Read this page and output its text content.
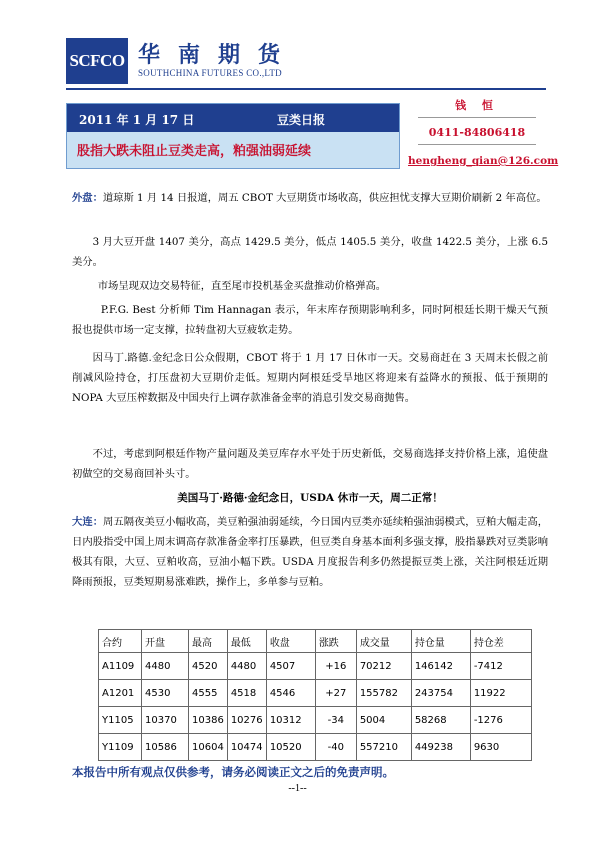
SCFCO 华南期货
SOUTHCHINA FUTURES CO.,LTD
2011 年 1 月 17 日	豆类日报
股指大跌未阻止豆类走高，粕强油弱延续
钱 恒
0411-84806418
hengheng_qian@126.com
外盘：道琼斯 1 月 14 日报道，周五 CBOT 大豆期货市场收高，供应担忧支撑大豆期价刷新 2 年高位。
3 月大豆开盘 1407 美分，高点 1429.5 美分，低点 1405.5 美分，收盘 1422.5 美分，上涨 6.5 美分。
市场呈现双边交易特征，直至尾市投机基金买盘推动价格弹高。
P.F.G. Best 分析师 Tim Hannagan 表示，年末库存预期影响利多，同时阿根廷长期干燥天气预报也提供市场一定支撑，拉转盘初大豆疲软走势。
因马丁.路德.金纪念日公众假期，CBOT 将于 1 月 17 日休市一天。交易商赶在 3 天周末长假之前削减风险持仓，打压盘初大豆期价走低。短期内阿根廷受旱地区将迎来有益降水的预报、低于预期的 NOPA 大豆压榨数据及中国央行上调存款准备金率的消息引发交易商抛售。
不过，考虑到阿根廷作物产量问题及美豆库存水平处于历史新低，交易商选择支持价格上涨，追使盘初做空的交易商回补头寸。
美国马丁·路德·金纪念日，USDA 休市一天，周二正常！
大连：周五隔夜美豆小幅收高，美豆粕强油弱延续，今日国内豆类亦延续粕强油弱模式，豆粕大幅走高，日内股指受中国上周末调高存款准备金率打压暴跌，但豆类自身基本面利多强支撑，股指暴跌对豆类影响极其有限，大豆、豆粕收高，豆油小幅下跌。USDA 月度报告利多仍然提振豆类上涨，关注阿根廷近期降雨预报，豆类短期易涨难跌，操作上，多单参与豆粕。
合约	开盘	最高	最低	收盘	涨跌	成交量	持仓量	持仓差
A1109	4480	4520	4480	4507	+16	70212	146142	-7412
A1201	4530	4555	4518	4546	+27	155782	243754	11922
Y1105	10370	10386	10276	10312	-34	5004	58268	-1276
Y1109	10586	10604	10474	10520	-40	557210	449238	9630
本报告中所有观点仅供参考，请务必阅读正文之后的免责声明。
--1--
